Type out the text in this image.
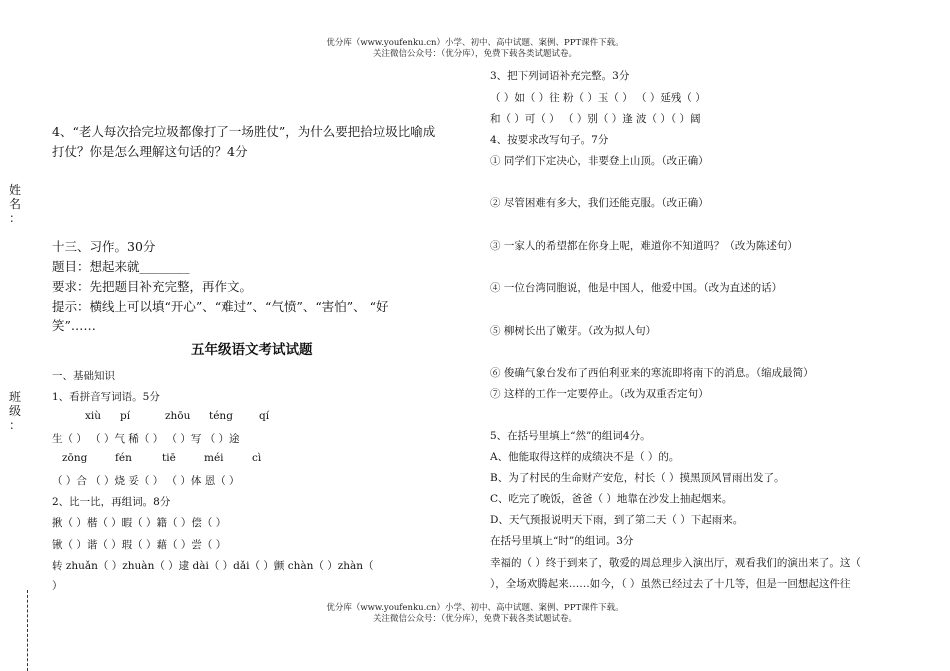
优分库（www.youfenku.cn）小学、初中、高中试题、案例、PPT课件下载。
关注微信公众号：（优分库），免费下载各类试题试卷。
优分库（www.youfenku.cn）小学、初中、高中试题、案例、PPT课件下载。
关注微信公众号：（优分库），免费下载各类试题试卷。
姓
名
：
班
级
：
4、“老人每次拾完垃圾都像打了一场胜仗”，为什么要把拾垃圾比喻成
打仗？你是怎么理解这句话的？4分
十三、习作。30分
题目：想起来就________
要求：先把题目补充完整，再作文。
提示：横线上可以填“开心”、“难过”、“气愤”、“害怕”、 “好
笑”……
五年级语文考试试题
一、基础知识
1、看拼音写词语。5分
xiù pí	zhōu téng qí
生（ ） （ ）气 稀（ ） （ ）写 （ ）途
zōng	fén	tiē	méi	cì
（ ）合 （ ）烧 妥（ ） （ ）体 恩（ ）
2、比一比，再组词。8分
揪（ ）楷（ ）暇（ ）籍（ ）偿（ ）
锹（ ）谐（ ）瑕（ ）藉（ ）尝（ ）
转 zhuǎn（ ）zhuàn（ ）逮 dài（ ）dǎi（ ）颤 chàn（ ）zhàn（
）
3、把下列词语补充完整。3分
（ ）如（ ）往 粉（ ）玉（ ） （ ）延残（ ）
和（ ）可（ ） （ ）别（ ）逢 波（ ）（ ）阔
4、按要求改写句子。7分
① 同学们下定决心，非要登上山顶。（改正确）
② 尽管困难有多大，我们还能克服。（改正确）
③ 一家人的希望都在你身上呢，难道你不知道吗？（改为陈述句）
④ 一位台湾同胞说，他是中国人，他爱中国。（改为直述的话）
⑤ 柳树长出了嫩芽。（改为拟人句）
⑥ 俊确气象台发布了西伯利亚来的寒流即将南下的消息。（缩成最简）
⑦ 这样的工作一定要停止。（改为双重否定句）
5、在括号里填上“然”的组词4分。
A、他能取得这样的成绩决不是（ ）的。
B、为了村民的生命财产安危，村长（ ）摸黑顶风冒雨出发了。
C、吃完了晚饭，爸爸（ ）地靠在沙发上抽起烟来。
D、天气预报说明天下雨，到了第二天（ ）下起雨来。
在括号里填上“时”的组词。3分
幸福的（ ）终于到来了，敬爱的周总理步入演出厅，观看我们的演出来了。这（
），全场欢腾起来……如今，（ ）虽然已经过去了十几等，但是一回想起这件往
